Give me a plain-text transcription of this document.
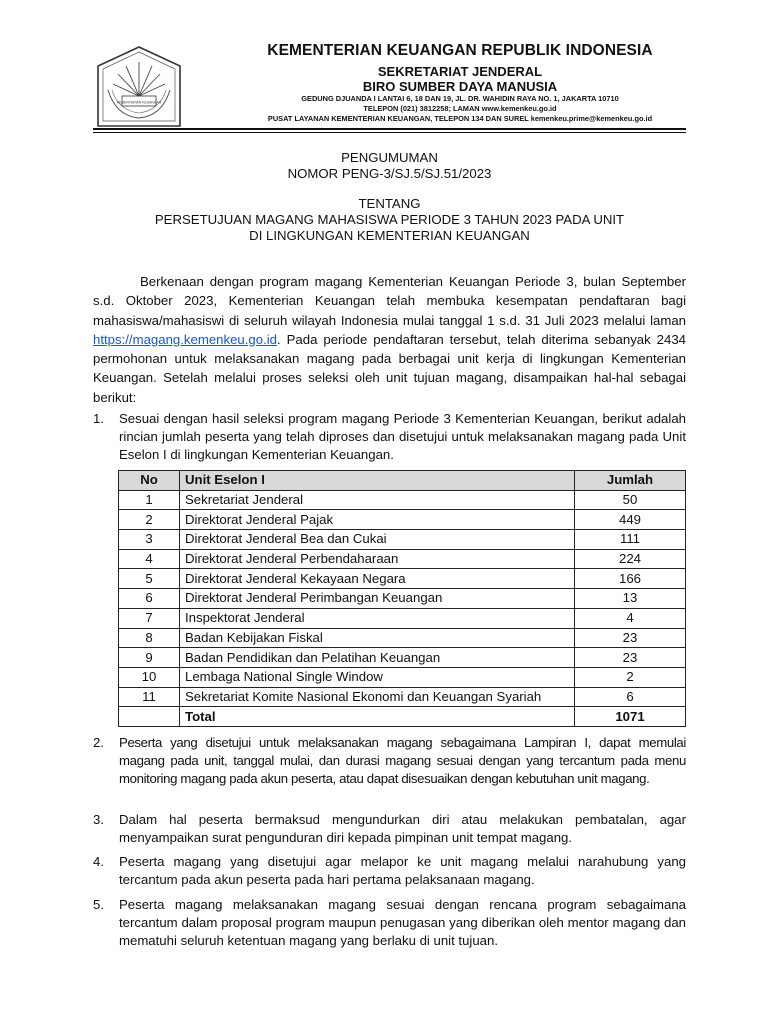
KEMENTERIAN KEUANGAN
KEMENTERIAN KEUANGAN REPUBLIK INDONESIA
SEKRETARIAT JENDERAL
BIRO SUMBER DAYA MANUSIA
GEDUNG DJUANDA I LANTAI 6, 18 DAN 19, JL. DR. WAHIDIN RAYA NO. 1, JAKARTA 10710
TELEPON (021) 3812258; LAMAN www.kemenkeu.go.id
PUSAT LAYANAN KEMENTERIAN KEUANGAN, TELEPON 134 DAN SUREL kemenkeu.prime@kemenkeu.go.id
PENGUMUMAN
NOMOR PENG-3/SJ.5/SJ.51/2023
TENTANG
PERSETUJUAN MAGANG MAHASISWA PERIODE 3 TAHUN 2023 PADA UNIT
DI LINGKUNGAN KEMENTERIAN KEUANGAN
Berkenaan dengan program magang Kementerian Keuangan Periode 3, bulan September s.d. Oktober 2023, Kementerian Keuangan telah membuka kesempatan pendaftaran bagi mahasiswa/mahasiswi di seluruh wilayah Indonesia mulai tanggal 1 s.d. 31 Juli 2023 melalui laman https://magang.kemenkeu.go.id. Pada periode pendaftaran tersebut, telah diterima sebanyak 2434 permohonan untuk melaksanakan magang pada berbagai unit kerja di lingkungan Kementerian Keuangan. Setelah melalui proses seleksi oleh unit tujuan magang, disampaikan hal-hal sebagai berikut:
1.	Sesuai dengan hasil seleksi program magang Periode 3 Kementerian Keuangan, berikut adalah rincian jumlah peserta yang telah diproses dan disetujui untuk melaksanakan magang pada Unit Eselon I di lingkungan Kementerian Keuangan.
No	Unit Eselon I	Jumlah
1	Sekretariat Jenderal	50
2	Direktorat Jenderal Pajak	449
3	Direktorat Jenderal Bea dan Cukai	111
4	Direktorat Jenderal Perbendaharaan	224
5	Direktorat Jenderal Kekayaan Negara	166
6	Direktorat Jenderal Perimbangan Keuangan	13
7	Inspektorat Jenderal	4
8	Badan Kebijakan Fiskal	23
9	Badan Pendidikan dan Pelatihan Keuangan	23
10	Lembaga National Single Window	2
11	Sekretariat Komite Nasional Ekonomi dan Keuangan Syariah	6
	Total	1071
2.	Peserta yang disetujui untuk melaksanakan magang sebagaimana Lampiran I, dapat memulai magang pada unit, tanggal mulai, dan durasi magang sesuai dengan yang tercantum pada menu monitoring magang pada akun peserta, atau dapat disesuaikan dengan kebutuhan unit magang.
3.	Dalam hal peserta bermaksud mengundurkan diri atau melakukan pembatalan, agar menyampaikan surat pengunduran diri kepada pimpinan unit tempat magang.
4.	Peserta magang yang disetujui agar melapor ke unit magang melalui narahubung yang tercantum pada akun peserta pada hari pertama pelaksanaan magang.
5.	Peserta magang melaksanakan magang sesuai dengan rencana program sebagaimana tercantum dalam proposal program maupun penugasan yang diberikan oleh mentor magang dan mematuhi seluruh ketentuan magang yang berlaku di unit tujuan.
